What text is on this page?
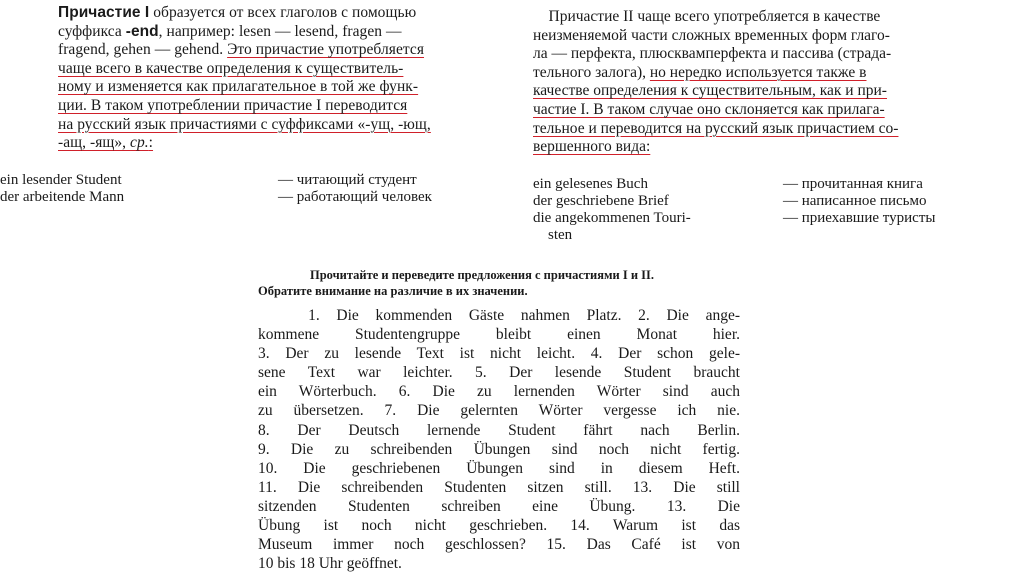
Причастие I образуется от всех глаголов с помощью
суффикса -end, например: lesen — lesend, fragen —
fragend, gehen — gehend. Это причастие употребляется
чаще всего в качестве определения к существитель-
ному и изменяется как прилагательное в той же функ-
ции. В таком употреблении причастие I переводится
на русский язык причастиями с суффиксами «-ущ, -ющ,
-ащ, -ящ», ср.:
ein lesender Student	— читающий студент
der arbeitende Mann	— работающий человек
Причастие II чаще всего употребляется в качестве
неизменяемой части сложных временных форм глаго-
ла — перфекта, плюсквамперфекта и пассива (страда-
тельного залога), но нередко используется также в
качестве определения к существительным, как и при-
частие I. В таком случае оно склоняется как прилага-
тельное и переводится на русский язык причастием со-
вершенного вида:
ein gelesenes Buch	— прочитанная книга
der geschriebene Brief	— написанное письмо
die angekommenen Touri-	— приехавшие туристы
sten
Прочитайте и переведите предложения с причастиями I и II.
Обратите внимание на различие в их значении.
1. Die kommenden Gäste nahmen Platz. 2. Die ange-
kommene Studentengruppe bleibt einen Monat hier.
3. Der zu lesende Text ist nicht leicht. 4. Der schon gele-
sene Text war leichter. 5. Der lesende Student braucht
ein Wörterbuch. 6. Die zu lernenden Wörter sind auch
zu übersetzen. 7. Die gelernten Wörter vergesse ich nie.
8. Der Deutsch lernende Student fährt nach Berlin.
9. Die zu schreibenden Übungen sind noch nicht fertig.
10. Die geschriebenen Übungen sind in diesem Heft.
11. Die schreibenden Studenten sitzen still. 13. Die still
sitzenden Studenten schreiben eine Übung. 13. Die
Übung ist noch nicht geschrieben. 14. Warum ist das
Museum immer noch geschlossen? 15. Das Café ist von
10 bis 18 Uhr geöffnet.
